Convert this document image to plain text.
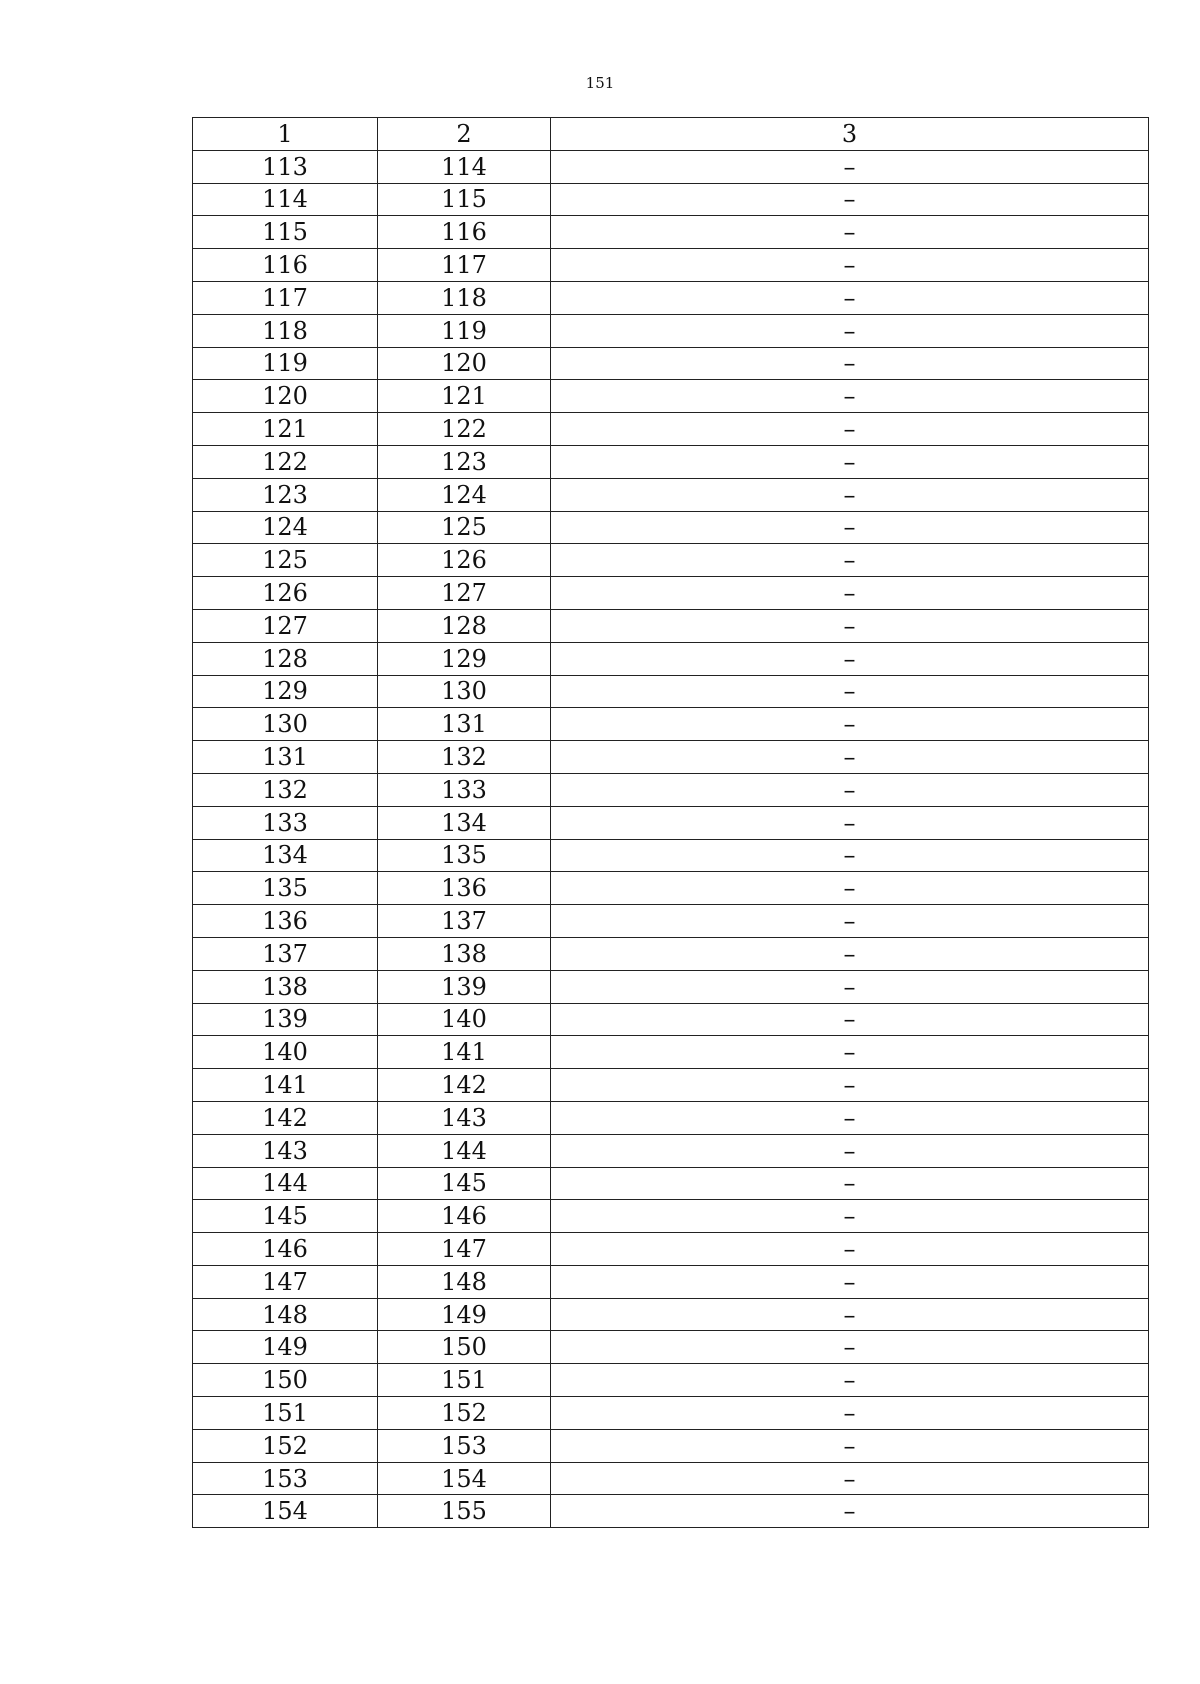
151
1	2	3
113	114	–
114	115	–
115	116	–
116	117	–
117	118	–
118	119	–
119	120	–
120	121	–
121	122	–
122	123	–
123	124	–
124	125	–
125	126	–
126	127	–
127	128	–
128	129	–
129	130	–
130	131	–
131	132	–
132	133	–
133	134	–
134	135	–
135	136	–
136	137	–
137	138	–
138	139	–
139	140	–
140	141	–
141	142	–
142	143	–
143	144	–
144	145	–
145	146	–
146	147	–
147	148	–
148	149	–
149	150	–
150	151	–
151	152	–
152	153	–
153	154	–
154	155	–
